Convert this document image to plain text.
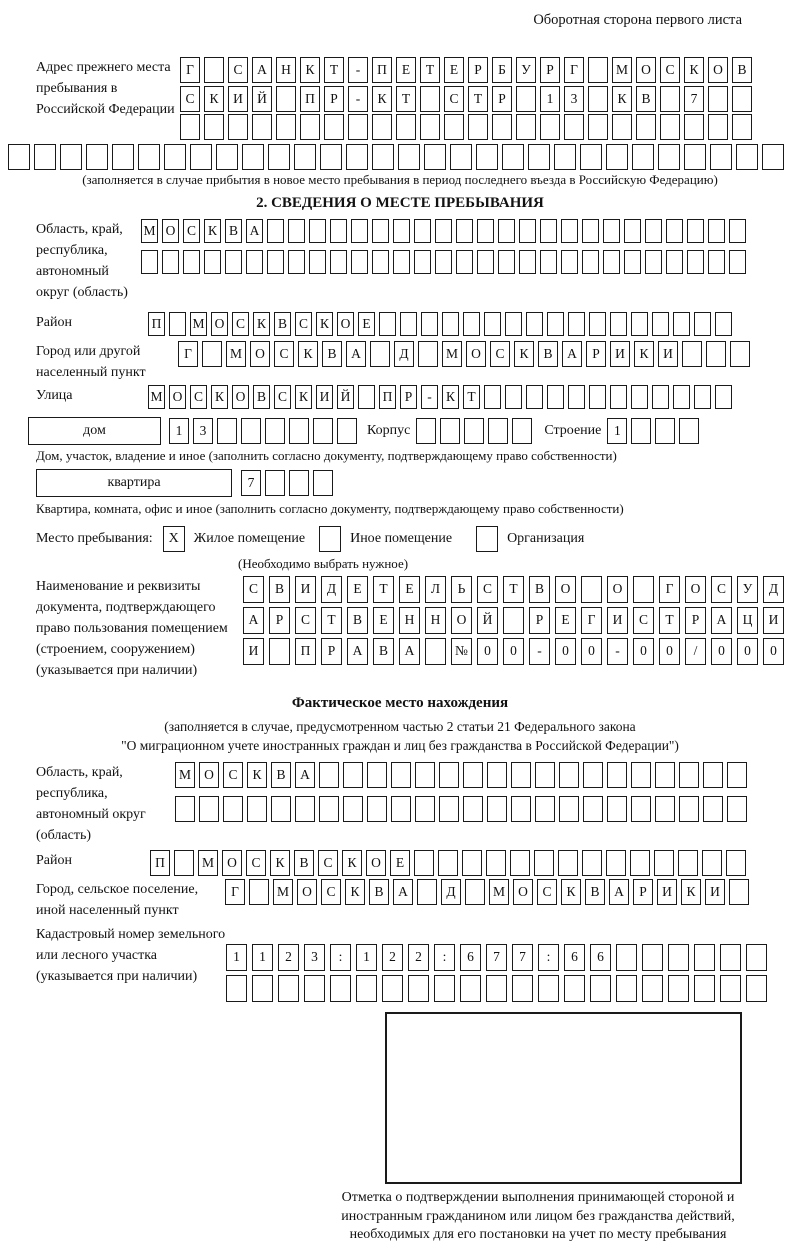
Оборотная сторона первого листа
Адрес прежнего места пребывания в Российской Федерации
Г	С	А	Н	К	Т	-	П	Е	Т	Е	Р	Б	У	Р	Г	М О	С	К	О	В
С	К	И	Й	П	Р	-	К	Т	С	Т	Р	1	3	К	В	7
(заполняется в случае прибытия в новое место пребывания в период последнего въезда в Российскую Федерацию)
2. СВЕДЕНИЯ О МЕСТЕ ПРЕБЫВАНИЯ
Область, край, республика, автономный округ (область)
М О С К В А
Район	П М О С К В С К О Е
Город или другой населенный пункт
Г	М О	С	К	В	А	Д	М О	С	К	В	А	Р	И	К	И
Улица	М О С К О В С К И Й П Р	-	К Т
дом	1	3	Корпус	Строение 1
Дом, участок, владение и иное (заполнить согласно документу, подтверждающему право собственности)
квартира	7
Квартира, комната, офис и иное (заполнить согласно документу, подтверждающему право собственности)
Место пребывания:	X	Жилое помещение	Иное помещение	Организация
(Необходимо выбрать нужное)
Наименование и реквизиты документа, подтверждающего право пользования помещением (строением, сооружением) (указывается при наличии)
С	В	И	Д	Е	Т	Е	Л	Ь	С	Т	В	О	О	Г	О	С	У	Д
А	Р	С	Т	В	Е	Н	Н	О	Й	Р	Е	Г	И	С	Т	Р	А	Ц	И
И	П	Р	А	В	А	№	0	0	-	0	0	-	0	0	/	0	0	0
Фактическое место нахождения
(заполняется в случае, предусмотренном частью 2 статьи 21 Федерального закона
"О миграционном учете иностранных граждан и лиц без гражданства в Российской Федерации")
Область, край, республика, автономный округ (область)
М О	С	К	В	А
Район	П	М О	С	К	В	С	К	О	Е
Город, сельское поселение, иной населенный пункт
Г	М О	С	К	В	А	Д	М О	С	К	В	А	Р	И	К	И
Кадастровый номер земельного или лесного участка (указывается при наличии)
1	1	2	3	:	1	2	2	:	6	7	7	:	6	6
Отметка о подтверждении выполнения принимающей стороной и иностранным гражданином или лицом без гражданства действий, необходимых для его постановки на учет по месту пребывания
